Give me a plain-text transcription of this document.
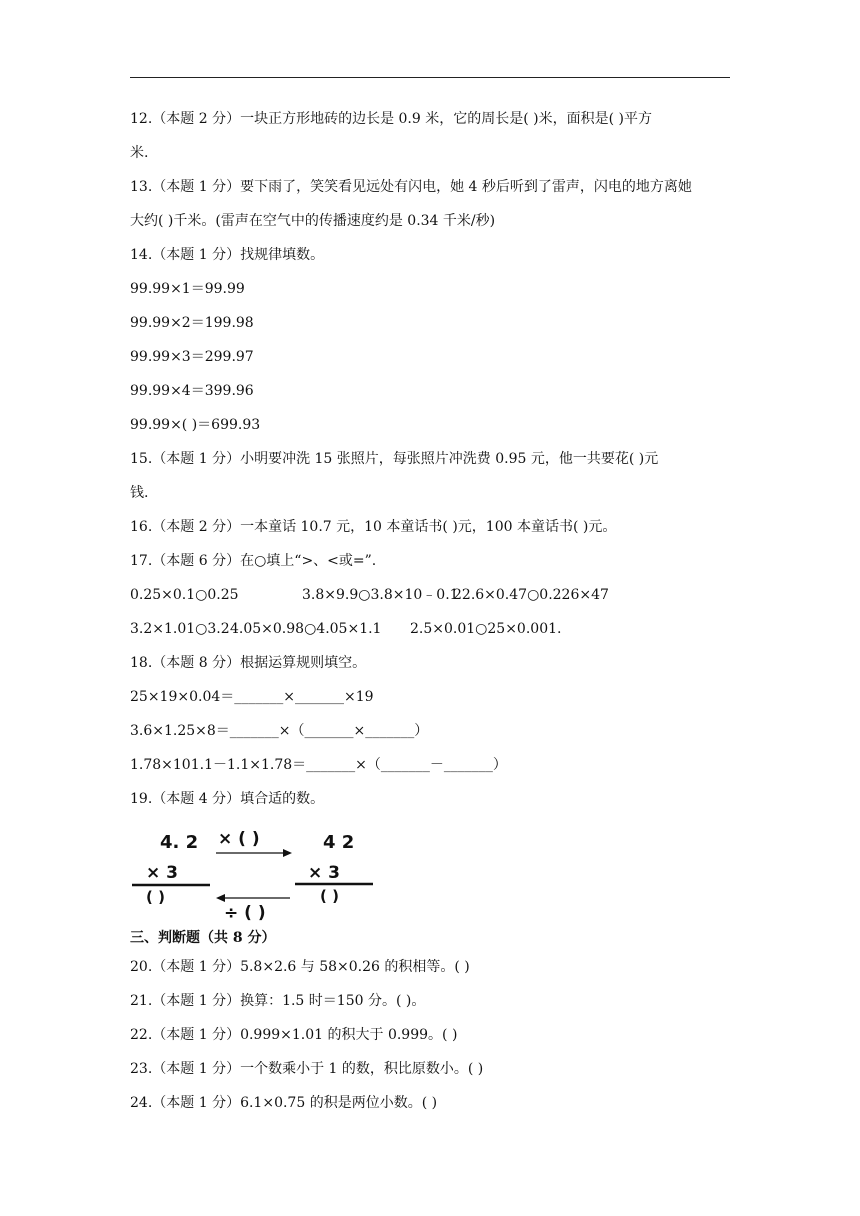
12.（本题 2 分）一块正方形地砖的边长是 0.9 米，它的周长是( )米，面积是( )平方
米.
13.（本题 1 分）要下雨了，笑笑看见远处有闪电，她 4 秒后听到了雷声，闪电的地方离她
大约( )千米。(雷声在空气中的传播速度约是 0.34 千米/秒)
14.（本题 1 分）找规律填数。
99.99×1＝99.99
99.99×2＝199.98
99.99×3＝299.97
99.99×4＝399.96
99.99×( )＝699.93
15.（本题 1 分）小明要冲洗 15 张照片，每张照片冲洗费 0.95 元，他一共要花( )元
钱.
16.（本题 2 分）一本童话 10.7 元，10 本童话书( )元，100 本童话书( )元。
17.（本题 6 分）在○填上“>、<或=”.
0.25×0.1○0.25	3.8×9.9○3.8×10﹣0.1
22.6×0.47○0.226×47
3.2×1.01○3.2 4.05×0.98○4.05×1.1 2.5×0.01○25×0.001.
18.（本题 8 分）根据运算规则填空。
25×19×0.04＝_______×_______×19
3.6×1.25×8＝_______×（_______×_______）
1.78×101.1－1.1×1.78＝_______×（_______－_______）
19.（本题 4 分）填合适的数。
4. 2
× 3
( )
× ( )	4 2
× 3
( )
÷ ( )
三、判断题（共 8 分）
20.（本题 1 分）5.8×2.6 与 58×0.26 的积相等。( )
21.（本题 1 分）换算：1.5 时＝150 分。( )。
22.（本题 1 分）0.999×1.01 的积大于 0.999。( )
23.（本题 1 分）一个数乘小于 1 的数，积比原数小。( )
24.（本题 1 分）6.1×0.75 的积是两位小数。( )
